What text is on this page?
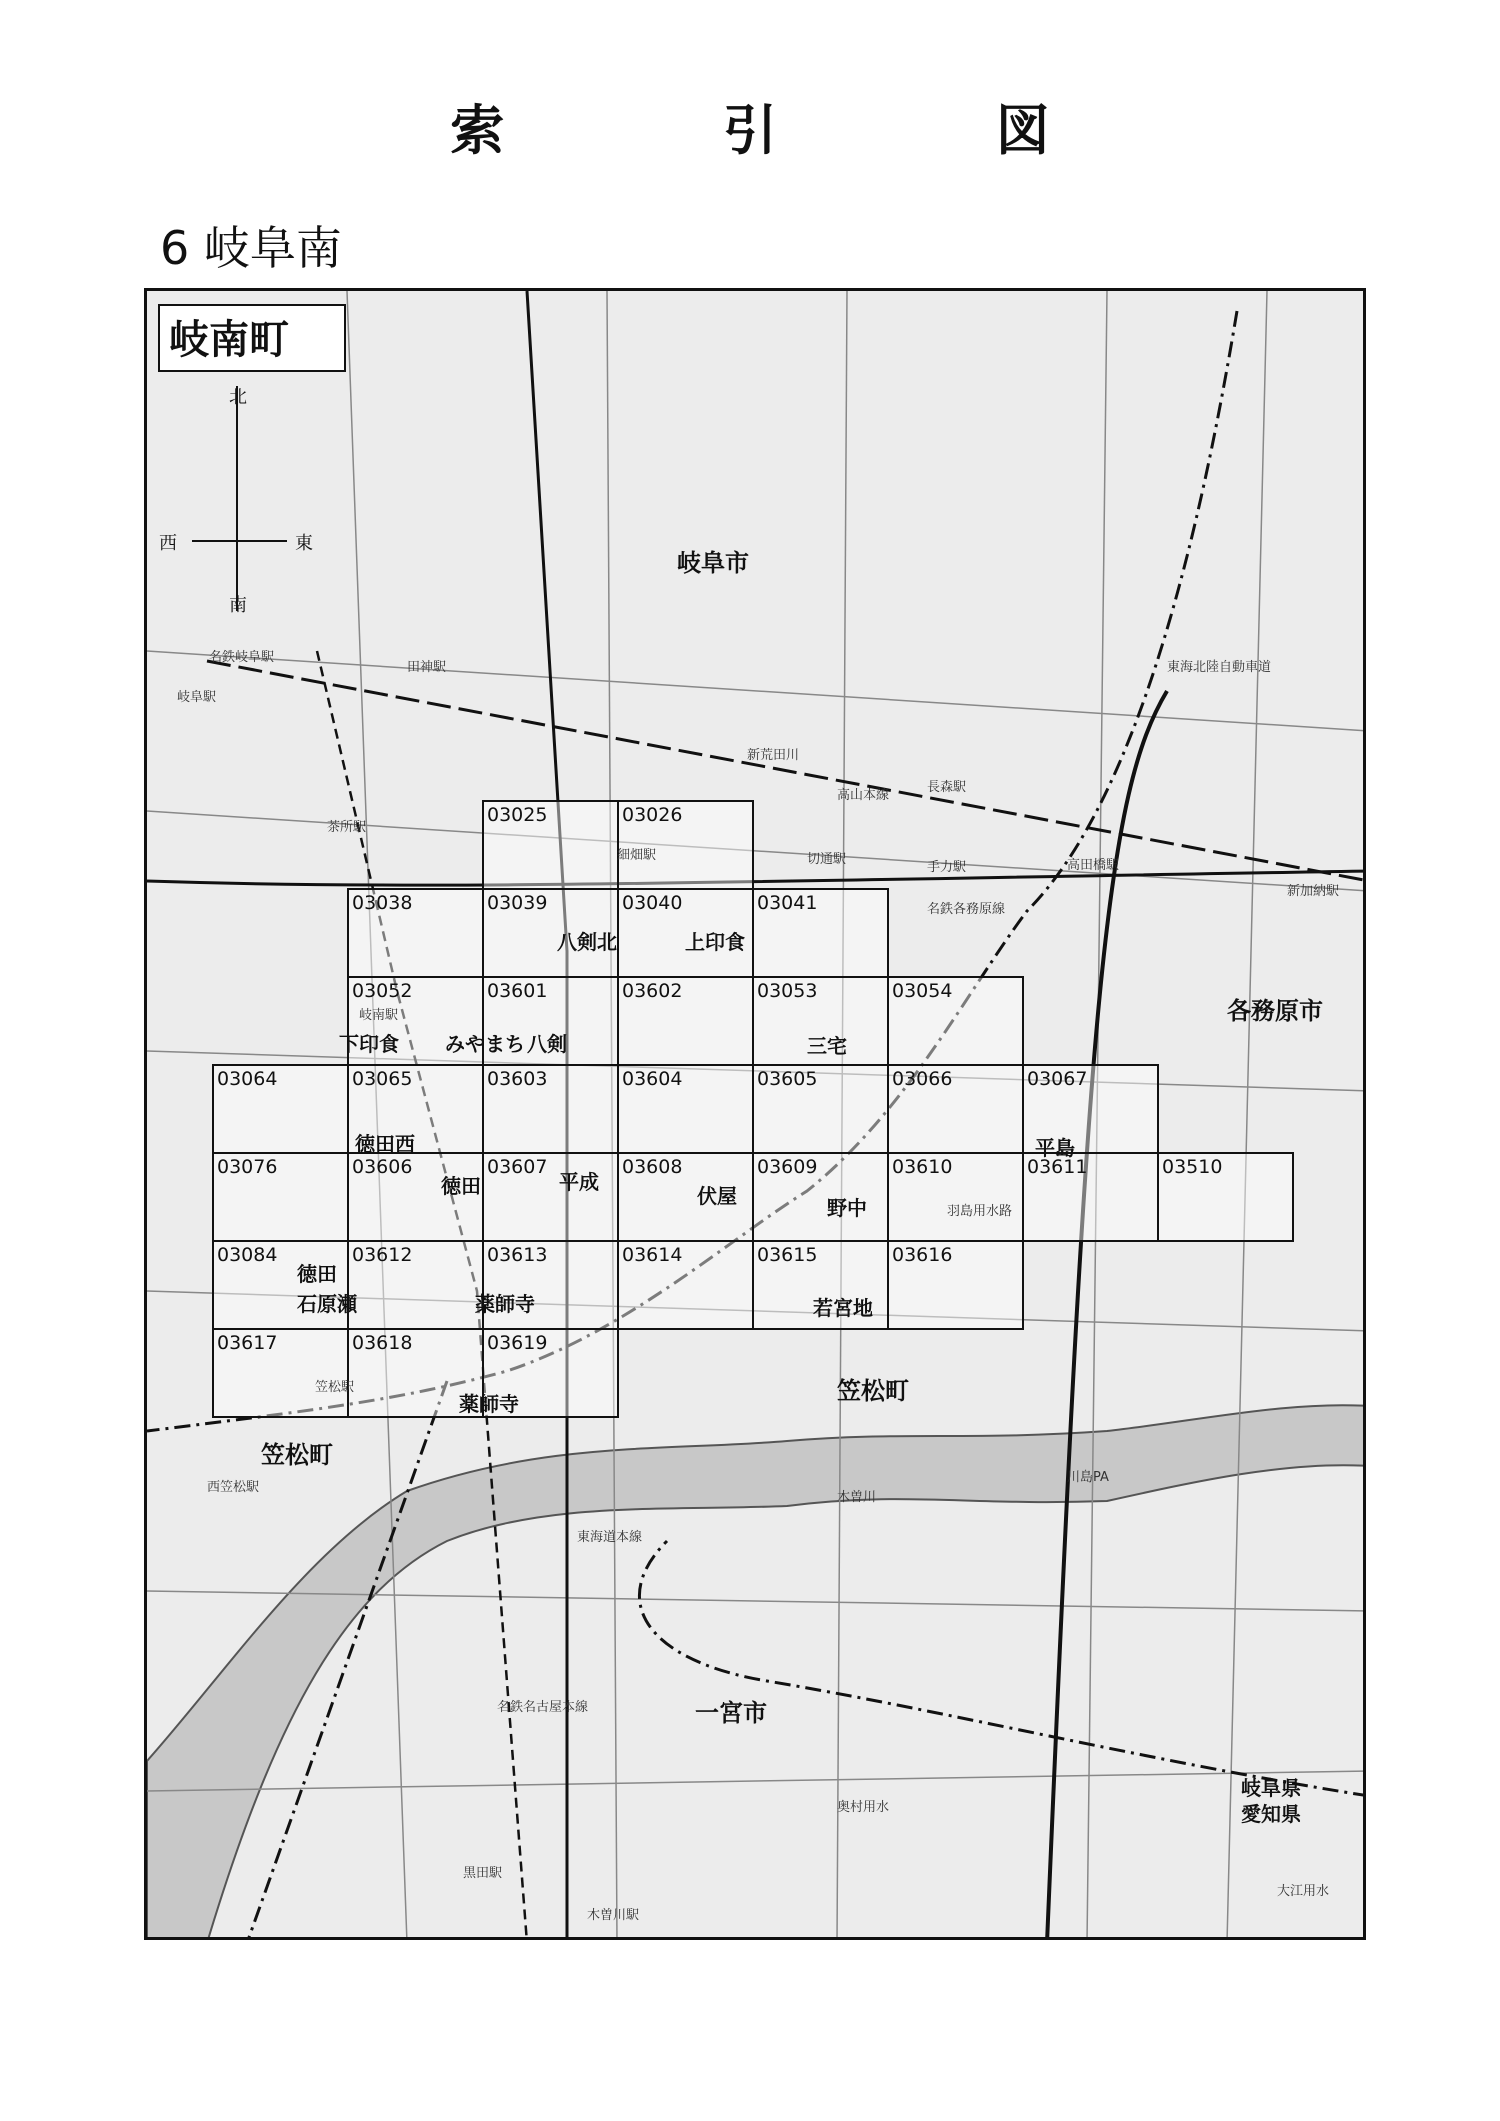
索 引 図
6 岐阜南
03025	03026
03038	03039	03040	03041
03052	03601	03602	03053	03054
03064	03065	03603	03604	03605	03066	03067
03076	03606	03607	03608	03609	03610	03611	03510
03084	03612	03613	03614	03615	03616
03617	03618	03619
岐南町
北
南
東
西
八剣北	上印食
みやまち 八剣
下印食	三宅
徳田西
徳田	平成
伏屋	野中
平島
徳田
石原瀬	薬師寺	若宮地
薬師寺
岐阜市
各務原市
笠松町
笠松町
一宮市
岐阜県
愛知県
名鉄岐阜駅
田神駅
岐阜駅
茶所駅
細畑駅	切通駅
長森駅
手力駅	高田橋駅
新加納駅
岐南駅
笠松駅
西笠松駅
黒田駅
木曽川駅
高山本線
名鉄各務原線
東海道本線
名鉄名古屋本線
木曽川
新荒田川
羽島用水路
奥村用水
大江用水
東海北陸自動車道
川島PA
